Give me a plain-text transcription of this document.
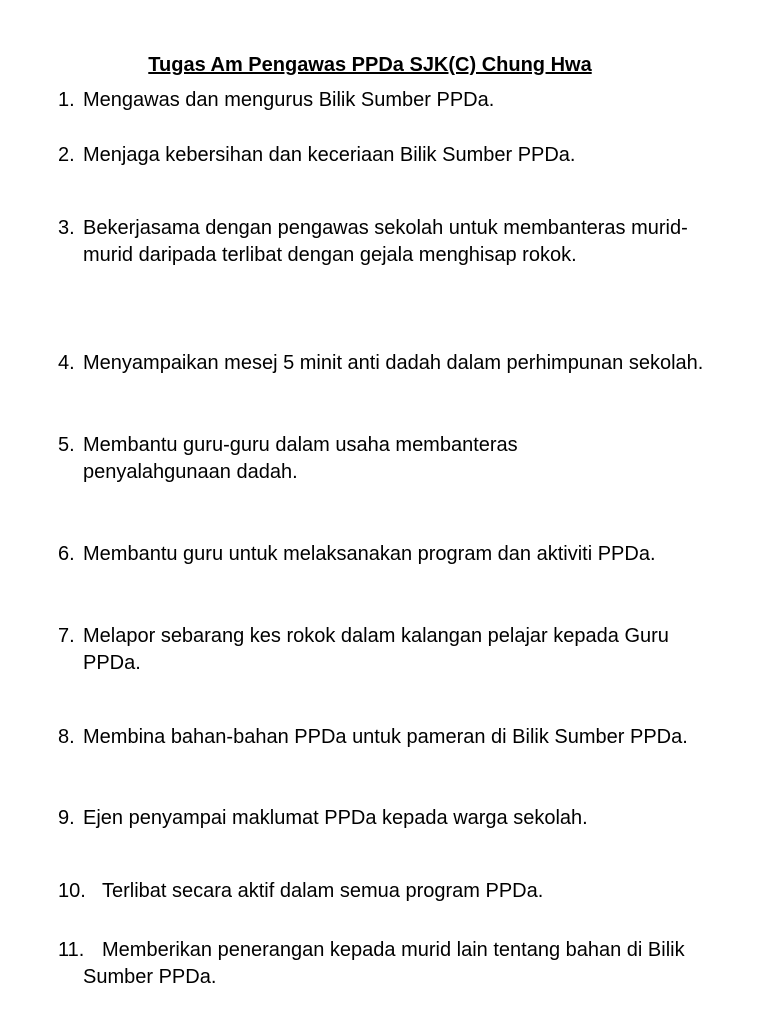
Tugas Am Pengawas PPDa SJK(C) Chung Hwa
1. Mengawas dan mengurus Bilik Sumber PPDa.
2. Menjaga kebersihan dan keceriaan Bilik Sumber PPDa.
3. Bekerjasama dengan pengawas sekolah untuk membanteras murid-murid daripada terlibat dengan gejala menghisap rokok.
4. Menyampaikan mesej 5 minit anti dadah dalam perhimpunan sekolah.
5. Membantu guru-guru dalam usaha membanteras penyalahgunaan dadah.
6. Membantu guru untuk melaksanakan program dan aktiviti PPDa.
7. Melapor sebarang kes rokok dalam kalangan pelajar kepada Guru PPDa.
8. Membina bahan-bahan PPDa untuk pameran di Bilik Sumber PPDa.
9. Ejen penyampai maklumat PPDa kepada warga sekolah.
10. Terlibat secara aktif dalam semua program PPDa.
11. Memberikan penerangan kepada murid lain tentang bahan di Bilik Sumber PPDa.
